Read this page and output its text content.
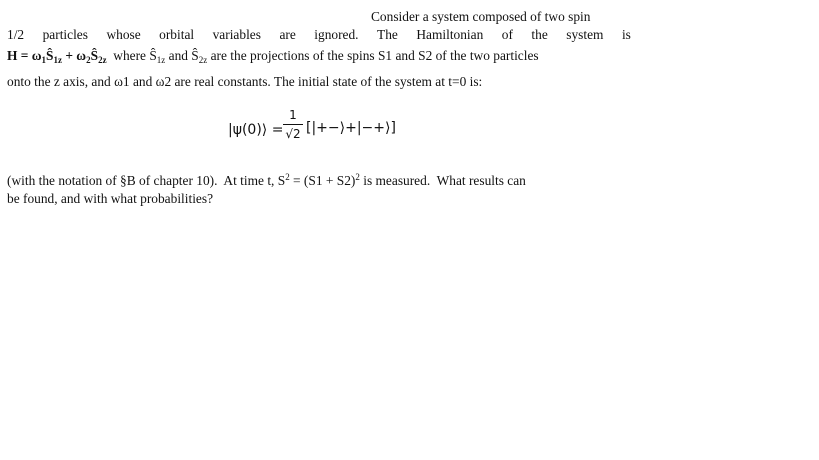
Consider a system composed of two spin
1/2 particles whose orbital variables are ignored. The Hamiltonian of the system is
$H = \omega_1Ŝ_{1z}$ + $\omega_2Ŝ_{2z}$  where $Ŝ_{1z}$ and $Ŝ_{2z}$ are the projections of the spins S1 and S2 of the two particles
onto the z axis, and ω1 and ω2 are real constants. The initial state of the system at t=0 is:
|ψ(0)⟩ =
1
√2 [|+−⟩+|−+⟩]
(with the notation of §B of chapter 10).  At time t, $S^2 = (S1 + S2)^2$ is measured.  What results can
be found, and with what probabilities?
